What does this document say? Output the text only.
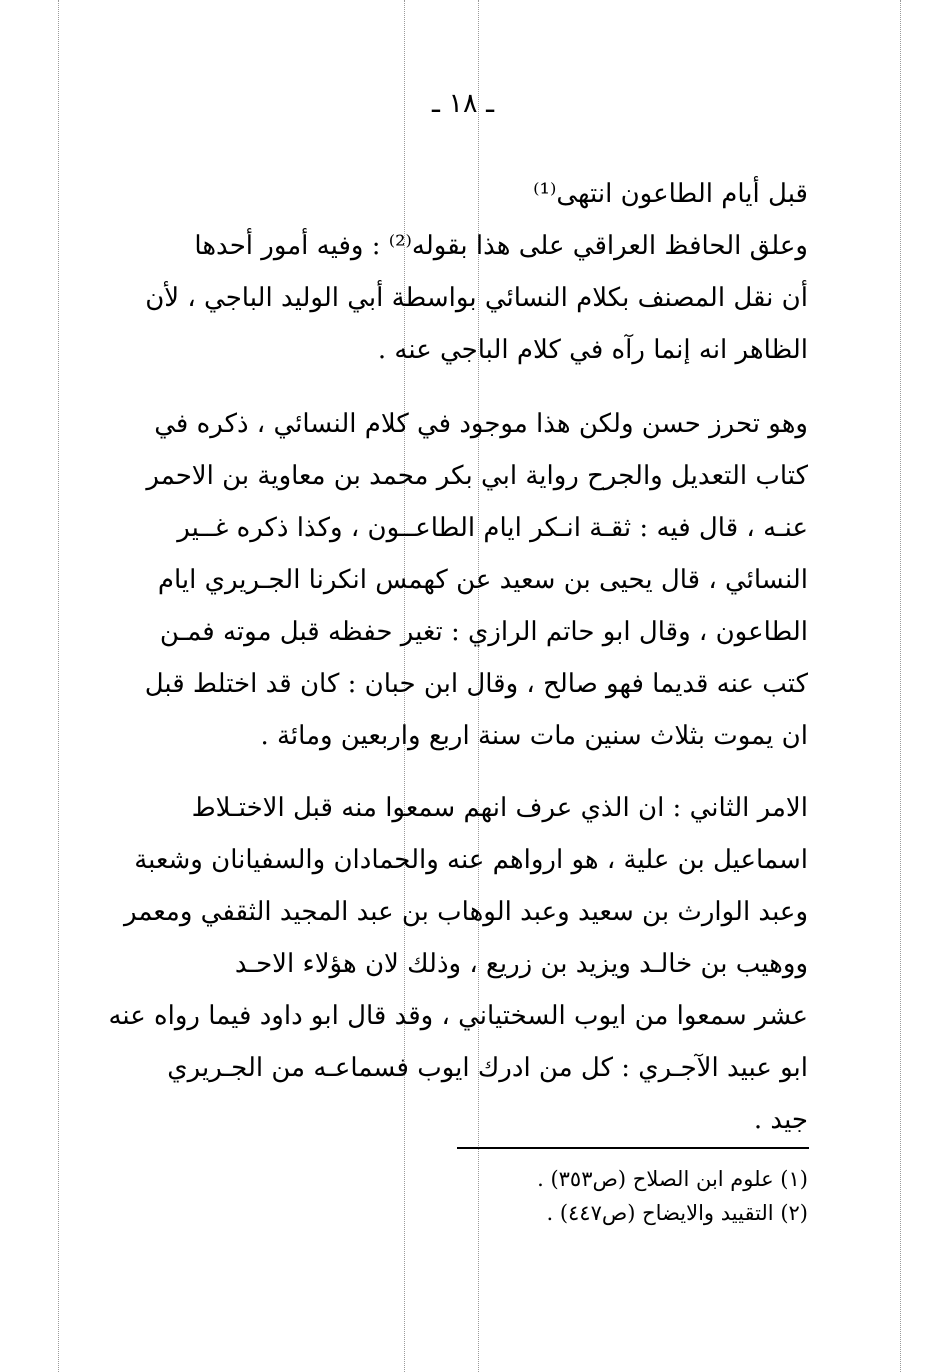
ـ ١٨ ـ
قبل أيام الطاعون انتهى⁽¹⁾
وعلق الحافظ العراقي على هذا بقوله⁽²⁾ : وفيه أمور أحدها
أن نقل المصنف بكلام النسائي بواسطة أبي الوليد الباجي ، لأن
الظاهر انه إنما رآه في كلام الباجي عنه .
وهو تحرز حسن ولكن هذا موجود في كلام النسائي ، ذكره في
كتاب التعديل والجرح رواية ابي بكر محمد بن معاوية بن الاحمر
عنـه ، قال فيه : ثقـة انـكر ايام الطاعــون ، وكذا ذكره غــير
النسائي ، قال يحيى بن سعيد عن كهمس انكرنا الجـريري ايام
الطاعون ، وقال ابو حاتم الرازي : تغير حفظه قبل موته فمـن
كتب عنه قديما فهو صالح ، وقال ابن حبان : كان قد اختلط قبل
ان يموت بثلاث سنين مات سنة اربع واربعين ومائة .
الامر الثاني : ان الذي عرف انهم سمعوا منه قبل الاختـلاط
اسماعيل بن علية ، هو ارواهم عنه والحمادان والسفيانان وشعبة
وعبد الوارث بن سعيد وعبد الوهاب بن عبد المجيد الثقفي ومعمر
ووهيب بن خالـد ويزيد بن زريع ، وذلك لان هؤلاء الاحـد
عشر سمعوا من ايوب السختياني ، وقد قال ابو داود فيما رواه عنه
ابو عبيد الآجـري : كل من ادرك ايوب فسماعـه من الجـريري
جيد .
(١) علوم ابن الصلاح (ص٣٥٣) .
(٢) التقييد والايضاح (ص٤٤٧) .
